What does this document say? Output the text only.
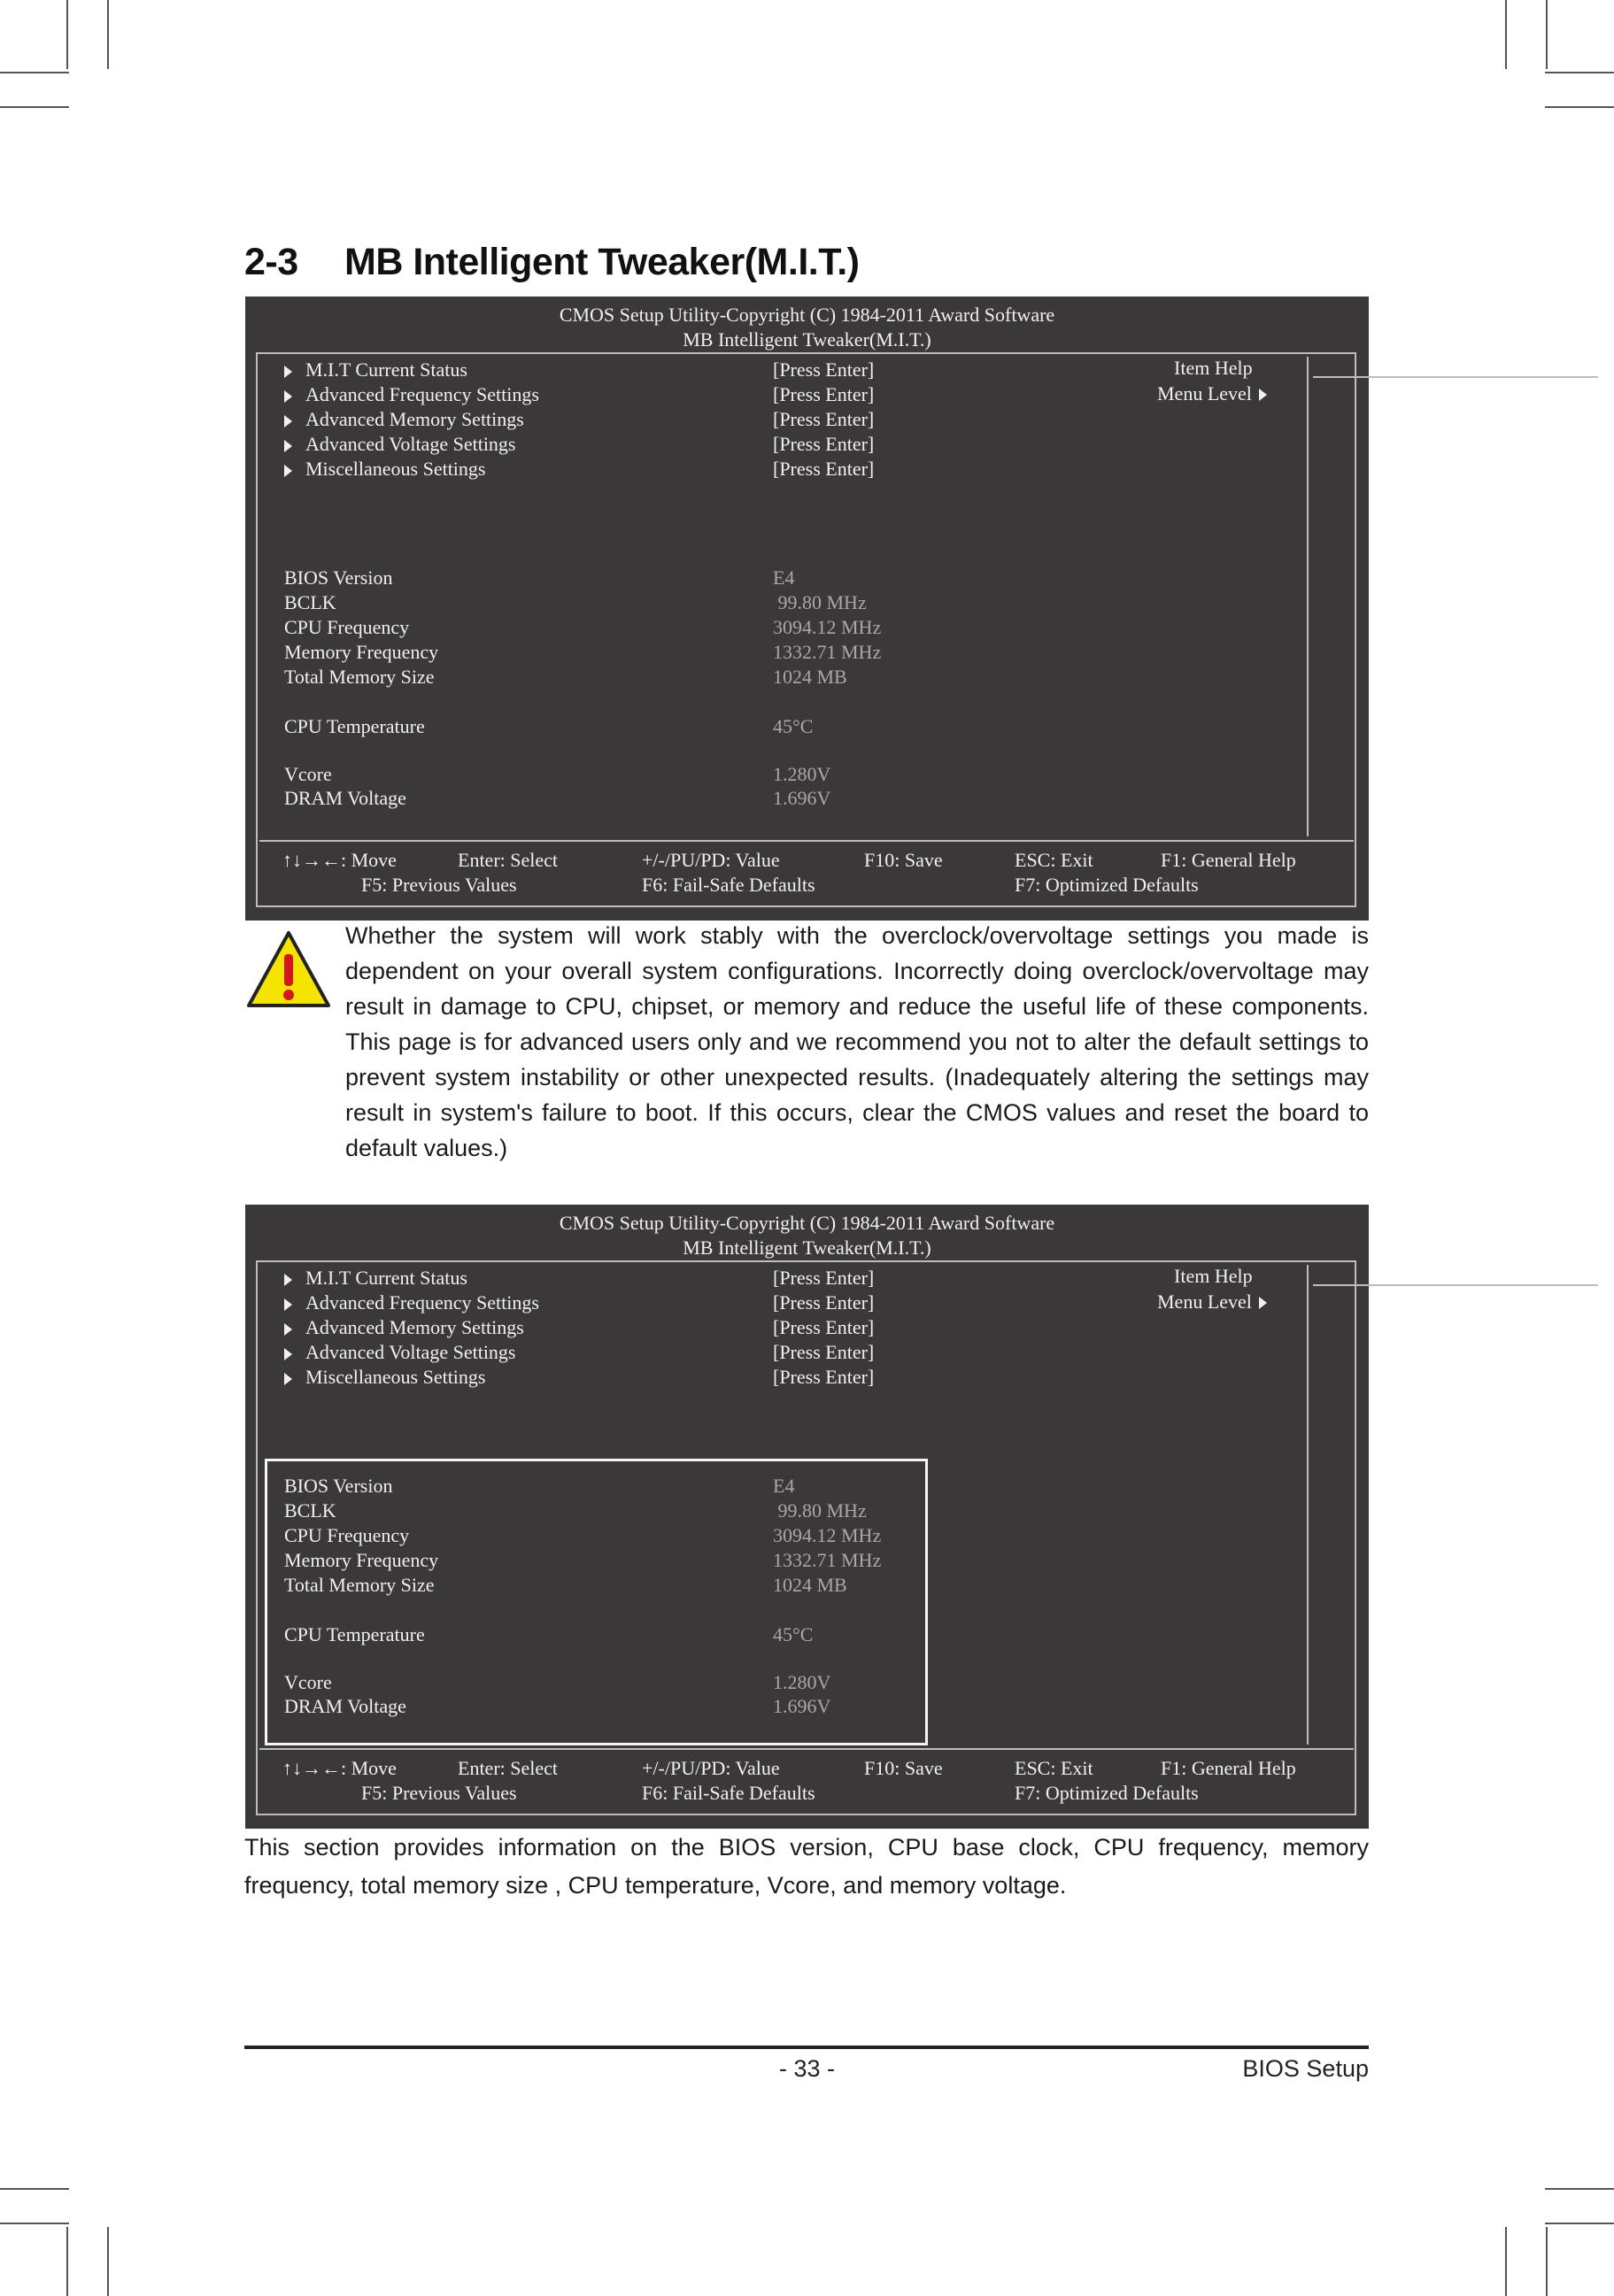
2-3 MB Intelligent Tweaker(M.I.T.)
CMOS Setup Utility-Copyright (C) 1984-2011 Award Software
MB Intelligent Tweaker(M.I.T.)
M.I.T Current Status	[Press Enter]
Advanced Frequency Settings	[Press Enter]
Advanced Memory Settings	[Press Enter]
Advanced Voltage Settings	[Press Enter]
Miscellaneous Settings	[Press Enter]
BIOS Version	E4
BCLK	99.80 MHz
CPU Frequency	3094.12 MHz
Memory Frequency	1332.71 MHz
Total Memory Size	1024 MB
CPU Temperature	45°C
Vcore	1.280V
DRAM Voltage	1.696V
Item Help
Menu Level
↑↓→←: Move	Enter: Select	+/-/PU/PD: Value	F10: Save	ESC: Exit	F1: General Help
F5: Previous Values	F6: Fail-Safe Defaults	F7: Optimized Defaults
Whether the system will work stably with the overclock/overvoltage settings you made is dependent on your overall system configurations. Incorrectly doing overclock/overvoltage may result in damage to CPU, chipset, or memory and reduce the useful life of these components. This page is for advanced users only and we recommend you not to alter the default settings to prevent system instability or other unexpected results. (Inadequately altering the settings may result in system's failure to boot. If this occurs, clear the CMOS values and reset the board to default values.)
CMOS Setup Utility-Copyright (C) 1984-2011 Award Software
MB Intelligent Tweaker(M.I.T.)
M.I.T Current Status	[Press Enter]
Advanced Frequency Settings	[Press Enter]
Advanced Memory Settings	[Press Enter]
Advanced Voltage Settings	[Press Enter]
Miscellaneous Settings	[Press Enter]
BIOS Version	E4
BCLK	99.80 MHz
CPU Frequency	3094.12 MHz
Memory Frequency	1332.71 MHz
Total Memory Size	1024 MB
CPU Temperature	45°C
Vcore	1.280V
DRAM Voltage	1.696V
Item Help
Menu Level
↑↓→←: Move	Enter: Select	+/-/PU/PD: Value	F10: Save	ESC: Exit	F1: General Help
F5: Previous Values	F6: Fail-Safe Defaults	F7: Optimized Defaults
This section provides information on the BIOS version, CPU base clock, CPU frequency, memory frequency, total memory size , CPU temperature, Vcore, and memory voltage.
- 33 -	BIOS Setup
